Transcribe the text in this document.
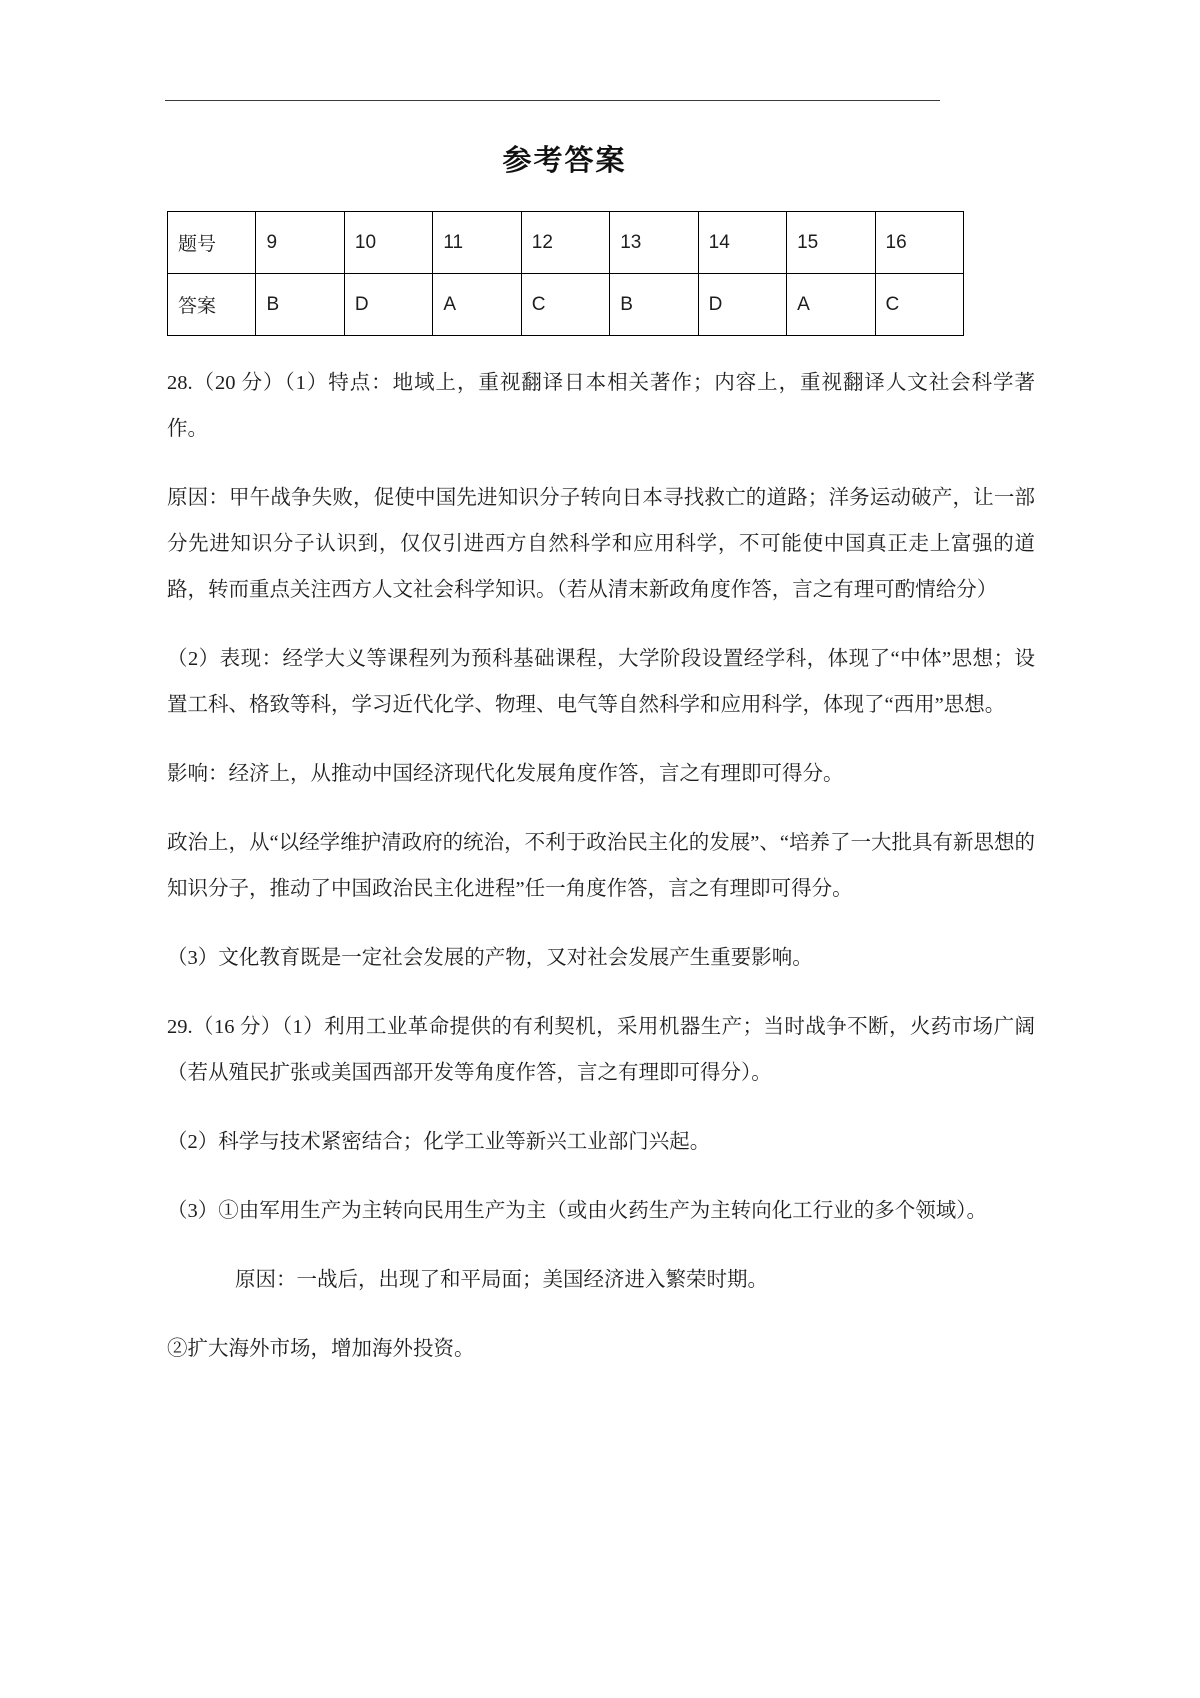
参考答案
题号	9	10	11	12	13	14	15	16
答案	B	D	A	C	B	D	A	C

28.（20 分）（1）特点：地域上，重视翻译日本相关著作；内容上，重视翻译人文社会科学著作。

原因：甲午战争失败，促使中国先进知识分子转向日本寻找救亡的道路；洋务运动破产，让一部分先进知识分子认识到，仅仅引进西方自然科学和应用科学，不可能使中国真正走上富强的道路，转而重点关注西方人文社会科学知识。（若从清末新政角度作答，言之有理可酌情给分）

（2）表现：经学大义等课程列为预科基础课程，大学阶段设置经学科，体现了“中体”思想；设置工科、格致等科，学习近代化学、物理、电气等自然科学和应用科学，体现了“西用”思想。

影响：经济上，从推动中国经济现代化发展角度作答，言之有理即可得分。

政治上，从“以经学维护清政府的统治，不利于政治民主化的发展”、“培养了一大批具有新思想的知识分子，推动了中国政治民主化进程”任一角度作答，言之有理即可得分。

（3）文化教育既是一定社会发展的产物，又对社会发展产生重要影响。

29.（16 分）（1）利用工业革命提供的有利契机，采用机器生产；当时战争不断，火药市场广阔（若从殖民扩张或美国西部开发等角度作答，言之有理即可得分）。

（2）科学与技术紧密结合；化学工业等新兴工业部门兴起。

（3）①由军用生产为主转向民用生产为主（或由火药生产为主转向化工行业的多个领域）。

原因：一战后，出现了和平局面；美国经济进入繁荣时期。

②扩大海外市场，增加海外投资。
